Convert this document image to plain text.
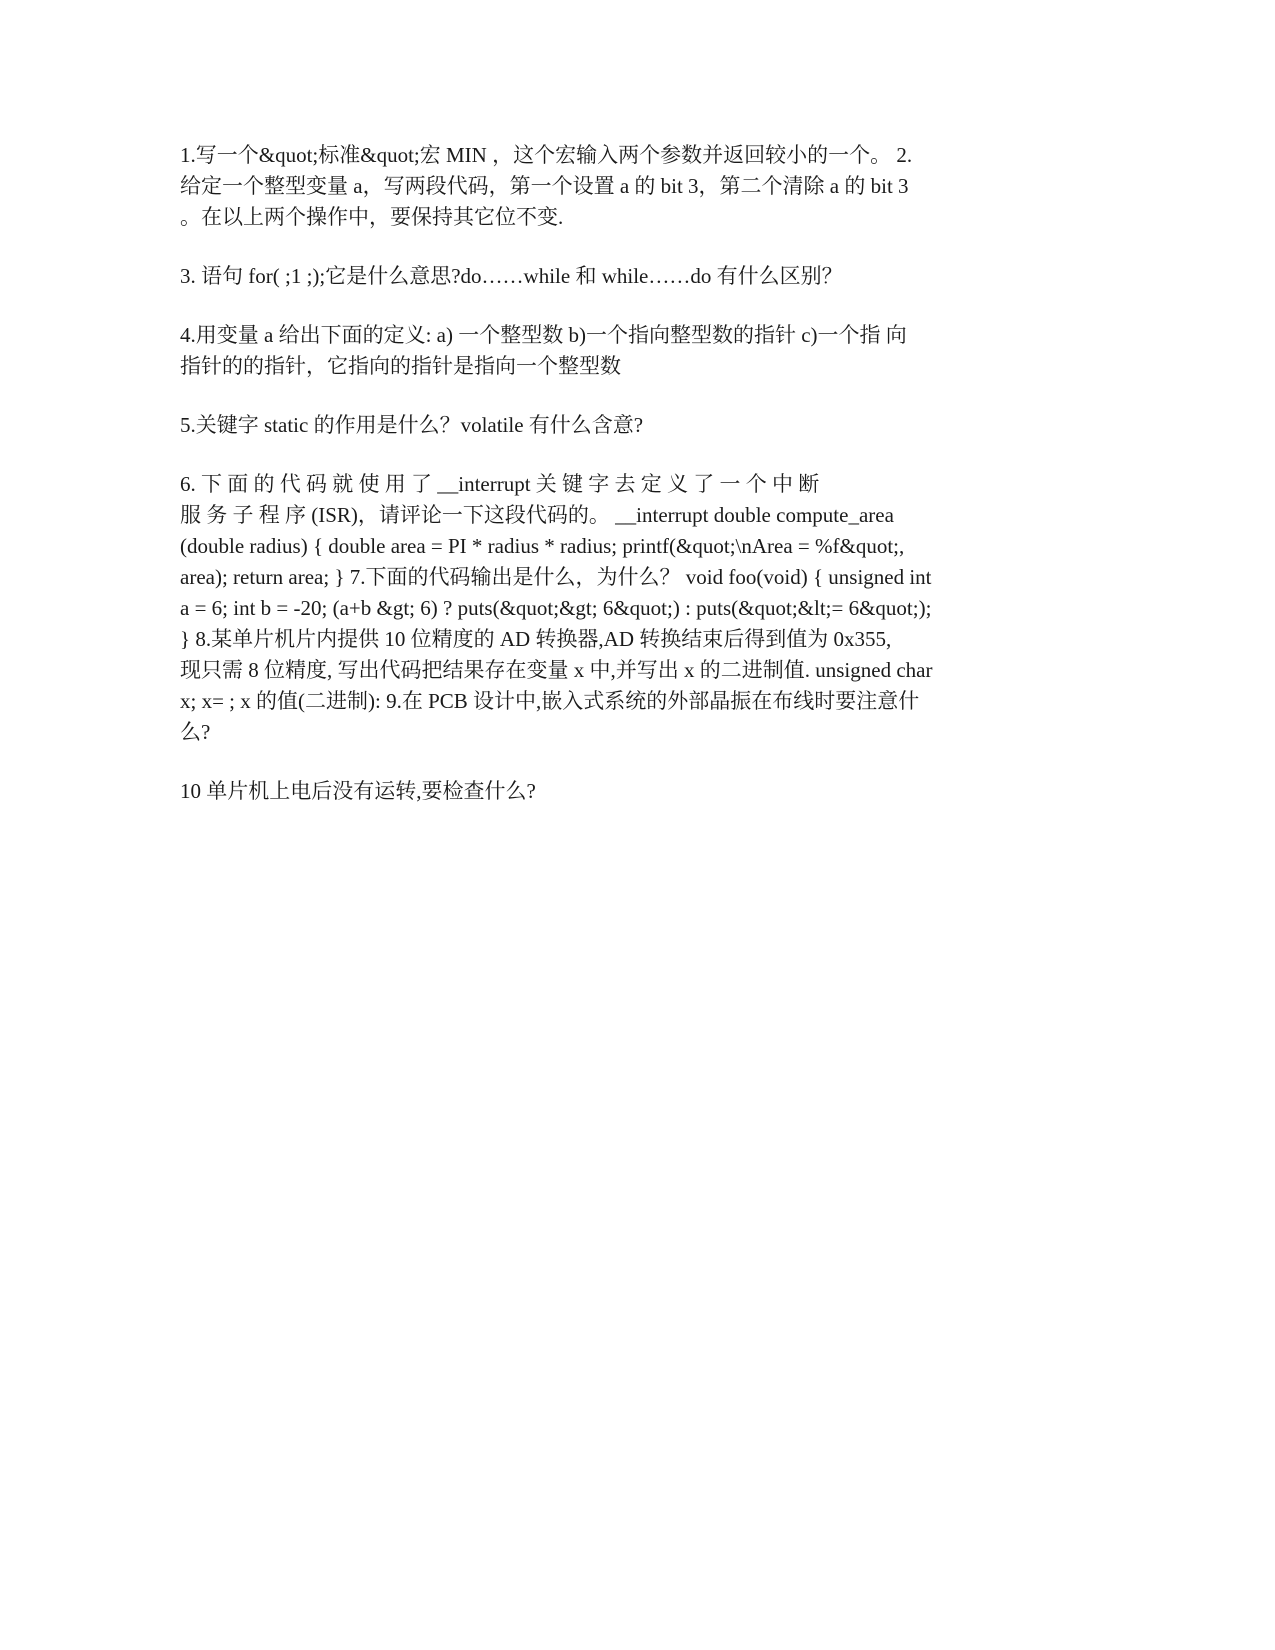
1.写一个&quot;标准&quot;宏 MIN ，这个宏输入两个参数并返回较小的一个。 2.
给定一个整型变量 a，写两段代码，第一个设置 a 的 bit 3，第二个清除 a 的 bit 3
。在以上两个操作中，要保持其它位不变.

3. 语句 for( ;1 ;);它是什么意思?do……while 和 while……do 有什么区别？

4.用变量 a 给出下面的定义: a) 一个整型数 b)一个指向整型数的指针 c)一个指 向
指针的的指针，它指向的指针是指向一个整型数

5.关键字 static 的作用是什么？volatile 有什么含意?

6. 下 面 的 代 码 就 使 用 了 __interrupt 关 键 字 去 定 义 了 一 个 中 断
服 务 子 程 序 (ISR)，请评论一下这段代码的。 __interrupt double compute_area
(double radius) { double area = PI * radius * radius; printf(&quot;\nArea = %f&quot;,
area); return area; } 7.下面的代码输出是什么，为什么？ void foo(void) { unsigned int
a = 6; int b = -20; (a+b &gt; 6) ? puts(&quot;&gt; 6&quot;) : puts(&quot;&lt;= 6&quot;);
} 8.某单片机片内提供 10 位精度的 AD 转换器,AD 转换结束后得到值为 0x355,
现只需 8 位精度, 写出代码把结果存在变量 x 中,并写出 x 的二进制值. unsigned char
x; x= ; x 的值(二进制): 9.在 PCB 设计中,嵌入式系统的外部晶振在布线时要注意什
么?

10 单片机上电后没有运转,要检查什么?
